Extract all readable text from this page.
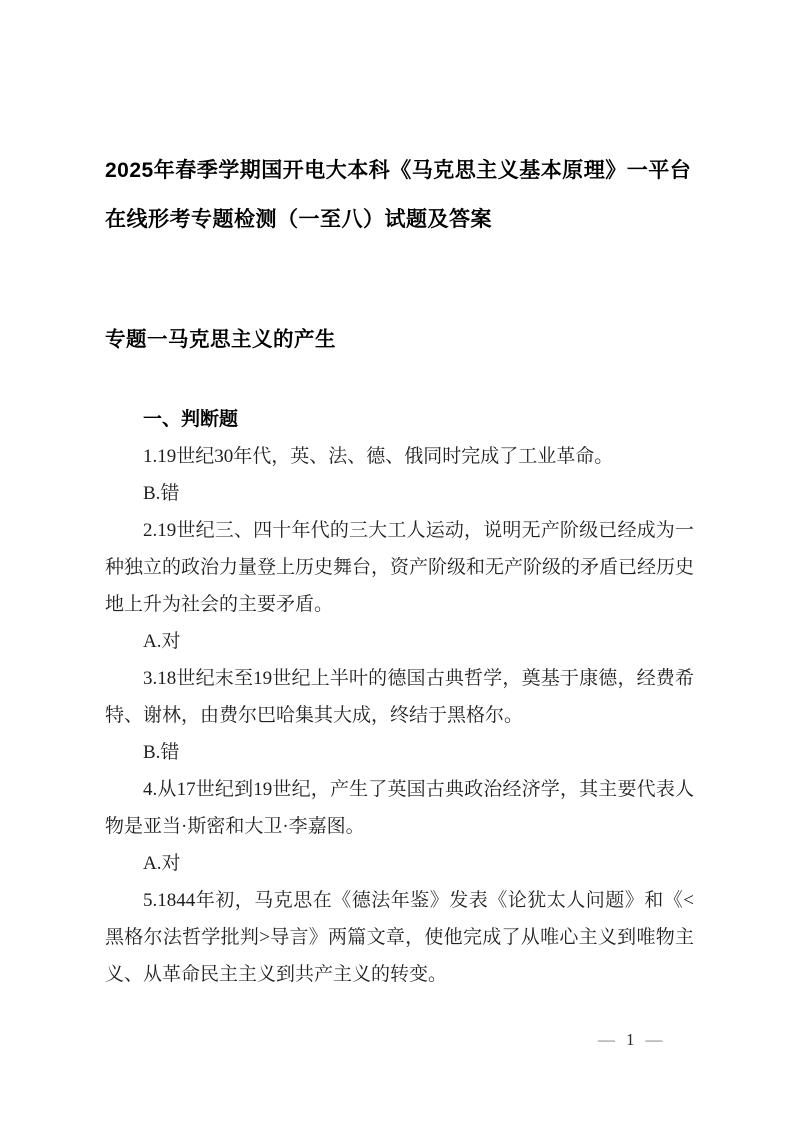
2025年春季学期国开电大本科《马克思主义基本原理》一平台
在线形考专题检测（一至八）试题及答案
专题一马克思主义的产生
一、判断题

1.19世纪30年代，英、法、德、俄同时完成了工业革命。

B.错

2.19世纪三、四十年代的三大工人运动，说明无产阶级已经成为一种独立的政治力量登上历史舞台，资产阶级和无产阶级的矛盾已经历史地上升为社会的主要矛盾。

A.对

3.18世纪末至19世纪上半叶的德国古典哲学，奠基于康德，经费希特、谢林，由费尔巴哈集其大成，终结于黑格尔。

B.错

4.从17世纪到19世纪，产生了英国古典政治经济学，其主要代表人物是亚当·斯密和大卫·李嘉图。

A.对

5.1844年初，马克思在《德法年鉴》发表《论犹太人问题》和《<黑格尔法哲学批判>导言》两篇文章，使他完成了从唯心主义到唯物主义、从革命民主主义到共产主义的转变。

— 1 —
